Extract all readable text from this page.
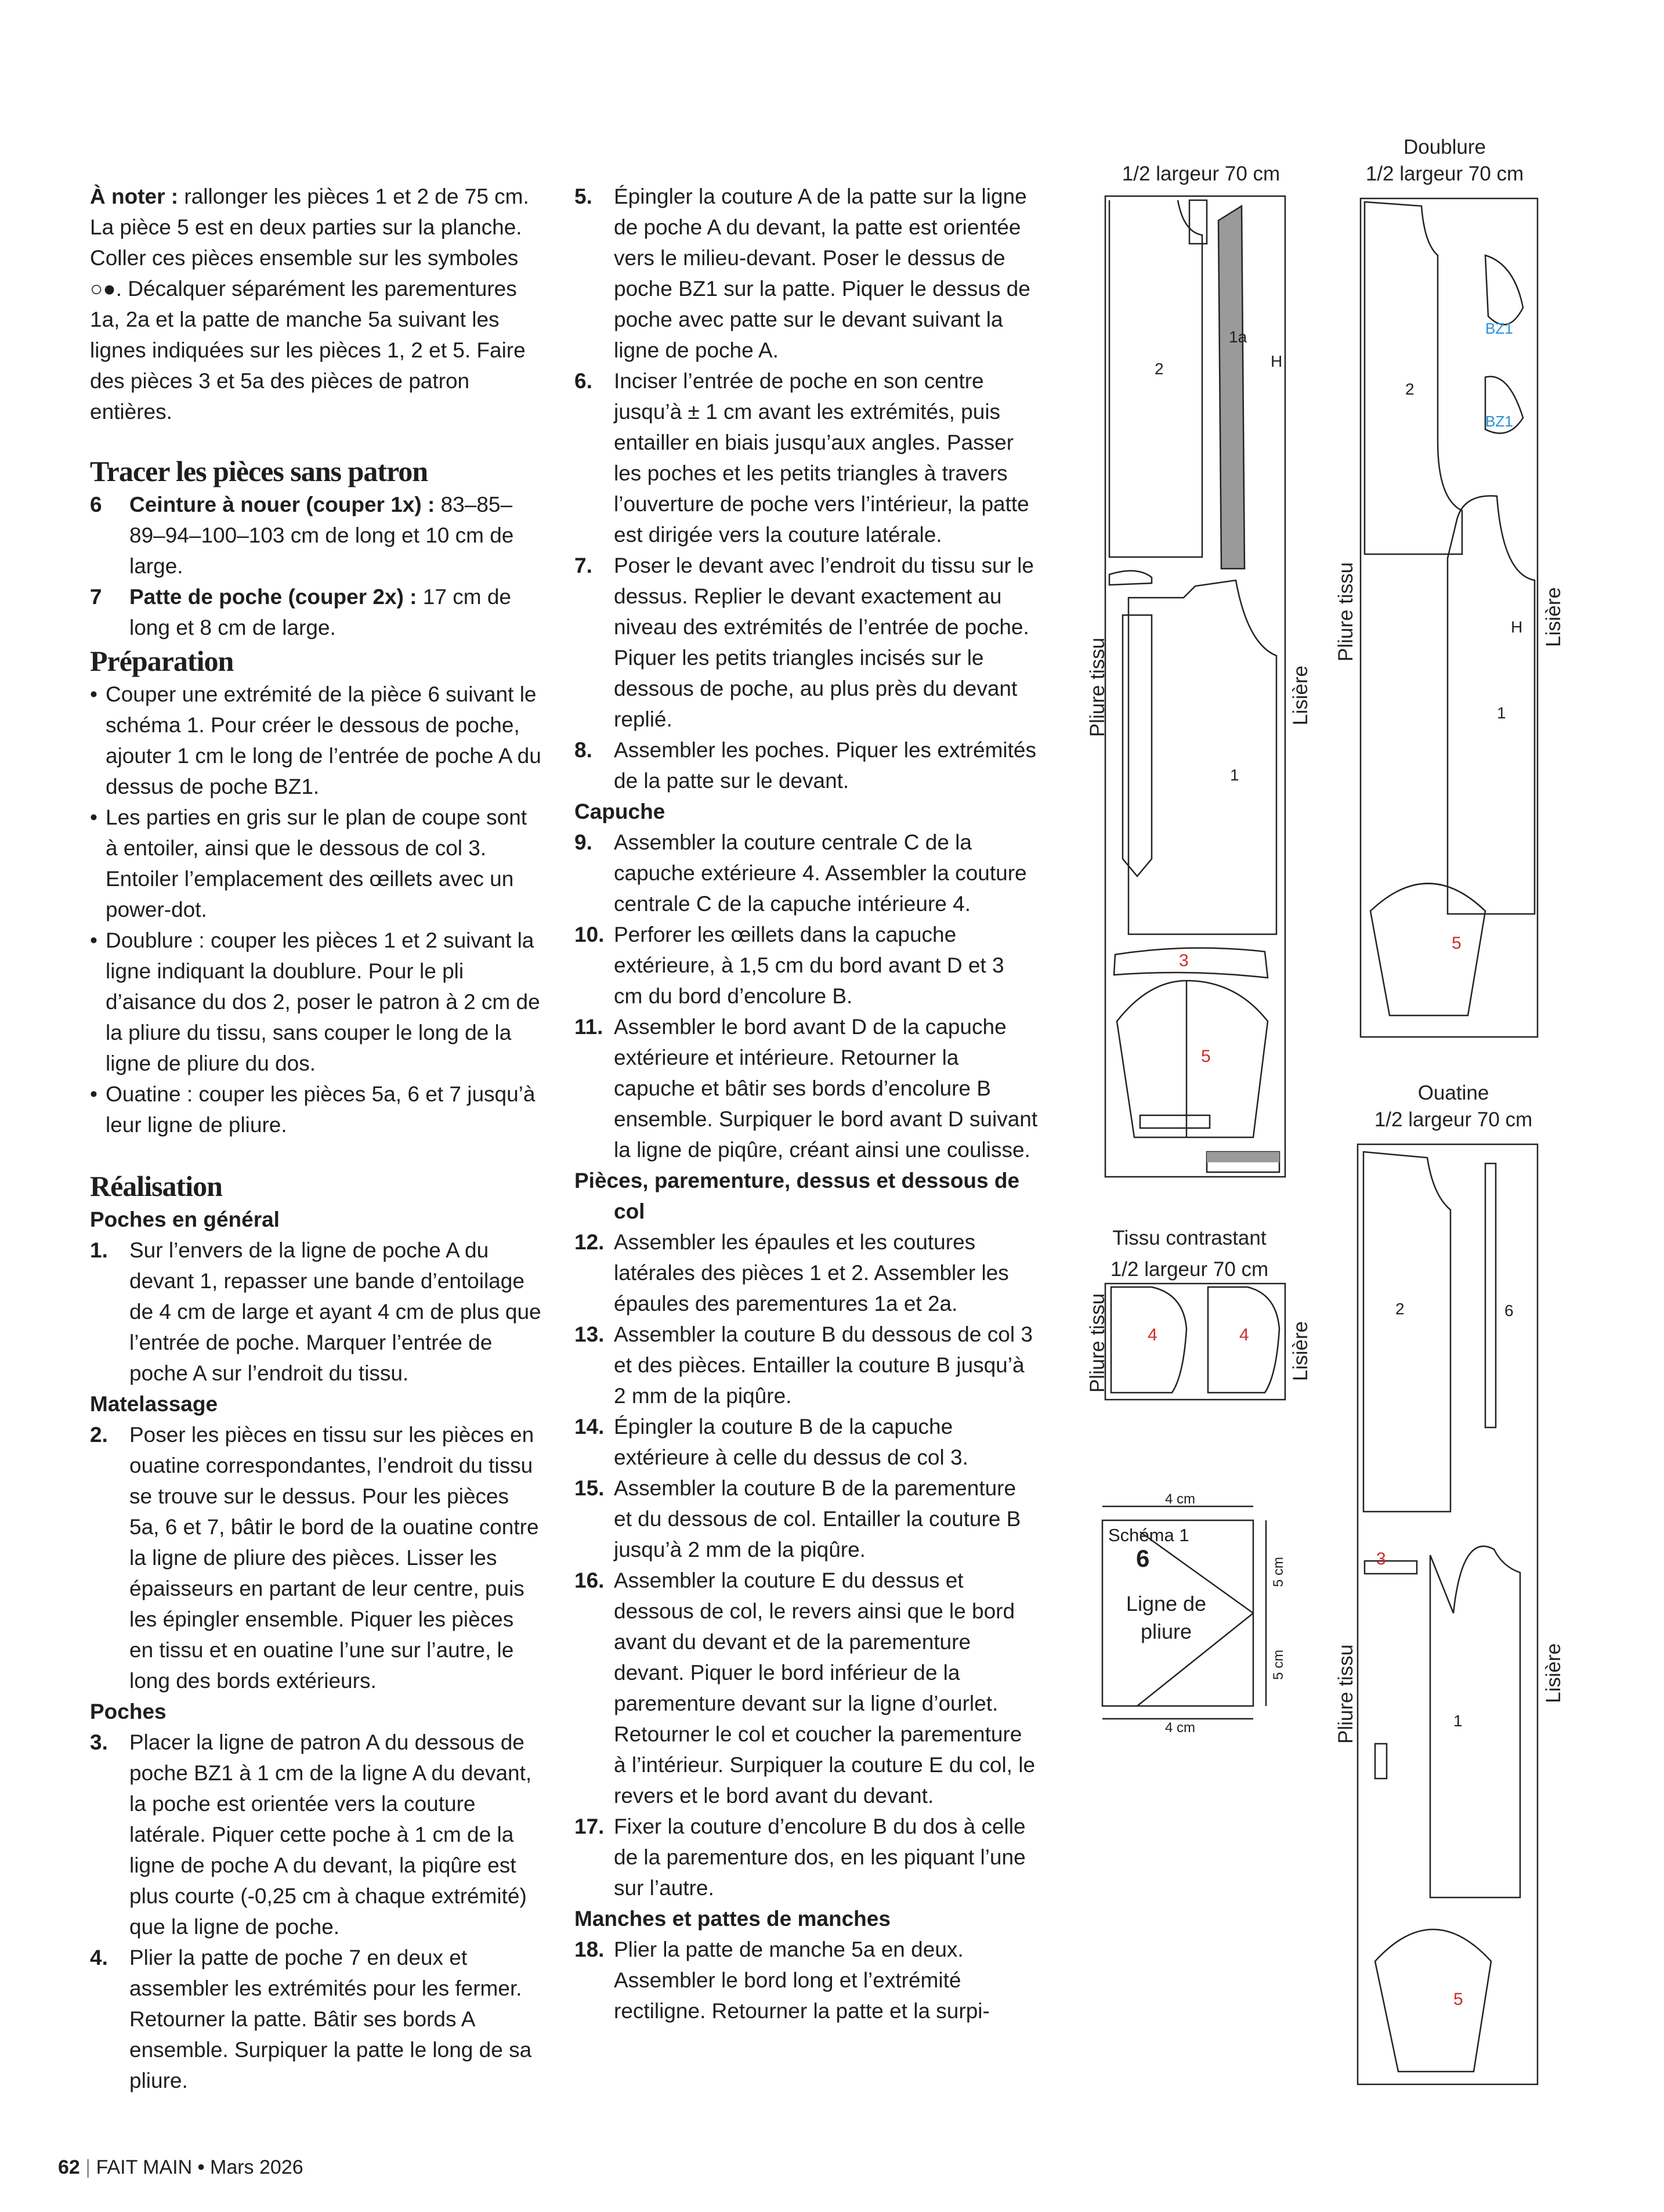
À noter : rallonger les pièces 1 et 2 de 75 cm. La pièce 5 est en deux parties sur la planche. Coller ces pièces ensemble sur les symboles ○●. Décalquer séparément les parementures 1a, 2a et la patte de manche 5a suivant les lignes indiquées sur les pièces 1, 2 et 5. Faire des pièces 3 et 5a des pièces de patron entières.

Tracer les pièces sans patron
6 Ceinture à nouer (couper 1x) : 83–85–89–94–100–103 cm de long et 10 cm de large.
7 Patte de poche (couper 2x) : 17 cm de long et 8 cm de large.
Préparation
• Couper une extrémité de la pièce 6 suivant le schéma 1. Pour créer le dessous de poche, ajouter 1 cm le long de l’entrée de poche A du dessus de poche BZ1.
• Les parties en gris sur le plan de coupe sont à entoiler, ainsi que le dessous de col 3. Entoiler l’emplacement des œillets avec un power-dot.
• Doublure : couper les pièces 1 et 2 suivant la ligne indiquant la doublure. Pour le pli d’aisance du dos 2, poser le patron à 2 cm de la pliure du tissu, sans couper le long de la ligne de pliure du dos.
• Ouatine : couper les pièces 5a, 6 et 7 jusqu’à leur ligne de pliure.
Réalisation

Poches en général

1. Sur l’envers de la ligne de poche A du devant 1, repasser une bande d’entoilage de 4 cm de large et ayant 4 cm de plus que l’entrée de poche. Marquer l’entrée de poche A sur l’endroit du tissu.

Matelassage

2. Poser les pièces en tissu sur les pièces en ouatine correspondantes, l’endroit du tissu se trouve sur le dessus. Pour les pièces 5a, 6 et 7, bâtir le bord de la ouatine contre la ligne de pliure des pièces. Lisser les épaisseurs en partant de leur centre, puis les épingler ensemble. Piquer les pièces en tissu et en ouatine l’une sur l’autre, le long des bords extérieurs.

Poches

3. Placer la ligne de patron A du dessous de poche BZ1 à 1 cm de la ligne A du devant, la poche est orientée vers la couture latérale. Piquer cette poche à 1 cm de la ligne de poche A du devant, la piqûre est plus courte (-0,25 cm à chaque extrémité) que la ligne de poche.
4. Plier la patte de poche 7 en deux et assembler les extrémités pour les fermer. Retourner la patte. Bâtir ses bords A ensemble. Surpiquer la patte le long de sa pliure.
5. Épingler la couture A de la patte sur la ligne de poche A du devant, la patte est orientée vers le milieu-devant. Poser le dessus de poche BZ1 sur la patte. Piquer le dessus de poche avec patte sur le devant suivant la ligne de poche A.
6. Inciser l’entrée de poche en son centre jusqu’à ± 1 cm avant les extrémités, puis entailler en biais jusqu’aux angles. Passer les poches et les petits triangles à travers l’ouverture de poche vers l’intérieur, la patte est dirigée vers la couture latérale.
7. Poser le devant avec l’endroit du tissu sur le dessus. Replier le devant exactement au niveau des extrémités de l’entrée de poche. Piquer les petits triangles incisés sur le dessous de poche, au plus près du devant replié.
8. Assembler les poches. Piquer les extrémités de la patte sur le devant.

Capuche

9. Assembler la couture centrale C de la capuche extérieure 4. Assembler la couture centrale C de la capuche intérieure 4.
10. Perforer les œillets dans la capuche extérieure, à 1,5 cm du bord avant D et 3 cm du bord d’encolure B.
11. Assembler le bord avant D de la capuche extérieure et intérieure. Retourner la capuche et bâtir ses bords d’encolure B ensemble. Surpiquer le bord avant D suivant la ligne de piqûre, créant ainsi une coulisse.

Pièces, parementure, dessus et dessous de col

12. Assembler les épaules et les coutures latérales des pièces 1 et 2. Assembler les épaules des parementures 1a et 2a.
13. Assembler la couture B du dessous de col 3 et des pièces. Entailler la couture B jusqu’à 2 mm de la piqûre.
14. Épingler la couture B de la capuche extérieure à celle du dessus de col 3.
15. Assembler la couture B de la parementure et du dessous de col. Entailler la couture B jusqu’à 2 mm de la piqûre.
16. Assembler la couture E du dessus et dessous de col, le revers ainsi que le bord avant du devant et de la parementure devant. Piquer le bord inférieur de la parementure devant sur la ligne d’ourlet. Retourner le col et coucher la parementure à l’intérieur. Surpiquer la couture E du col, le revers et le bord avant du devant.
17. Fixer la couture d’encolure B du dos à celle de la parementure dos, en les piquant l’une sur l’autre.

Manches et pattes de manches

18. Plier la patte de manche 5a en deux. Assembler le bord long et l’extrémité rectiligne. Retourner la patte et la surpi-
1/2 largeur 70 cm
Doublure
1/2 largeur 70 cm
Ouatine
1/2 largeur 70 cm
Tissu contrastant
1/2 largeur 70 cm
Pliure tissu	Lisière
Pliure tissu	Lisière
Pliure tissu	Lisière
Pliure tissu	Lisière
2
1
1a
H
2
1
H
2	6
1
5
3
5
4	4
5
3
BZ1
BZ1
Schéma 1
6
Ligne de pliure
4 cm
4 cm
5 cm
5 cm
62 | FAIT MAIN • Mars 2026
